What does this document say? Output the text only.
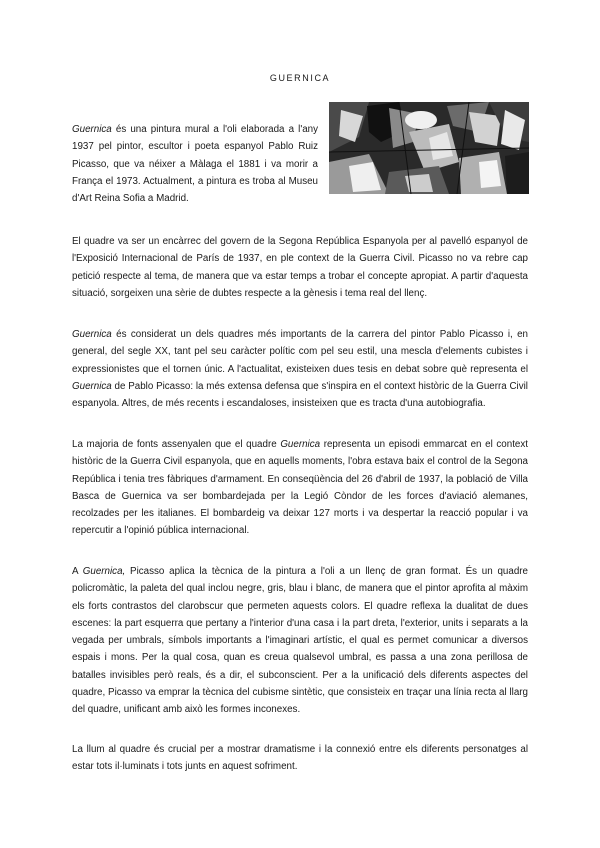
GUERNICA
Guernica és una pintura mural a l'oli elaborada a l'any 1937 pel pintor, escultor i poeta espanyol Pablo Ruiz Picasso, que va néixer a Màlaga el 1881 i va morir a França el 1973. Actualment, a pintura es troba al Museu d'Art Reina Sofia a Madrid.

El quadre va ser un encàrrec del govern de la Segona República Espanyola per al pavelló espanyol de l'Exposició Internacional de París de 1937, en ple context de la Guerra Civil. Picasso no va rebre cap petició respecte al tema, de manera que va estar temps a trobar el concepte apropiat. A partir d'aquesta situació, sorgeixen una sèrie de dubtes respecte a la gènesis i tema real del llenç.

Guernica és considerat un dels quadres més importants de la carrera del pintor Pablo Picasso i, en general, del segle XX, tant pel seu caràcter polític com pel seu estil, una mescla d'elements cubistes i expressionistes que el tornen únic. A l'actualitat, existeixen dues tesis en debat sobre què representa el Guernica de Pablo Picasso: la més extensa defensa que s'inspira en el context històric de la Guerra Civil espanyola. Altres, de més recents i escandaloses, insisteixen que es tracta d'una autobiografia.

La majoria de fonts assenyalen que el quadre Guernica representa un episodi emmarcat en el context històric de la Guerra Civil espanyola, que en aquells moments, l'obra estava baix el control de la Segona República i tenia tres fàbriques d'armament. En conseqüència del 26 d'abril de 1937, la població de Villa Basca de Guernica va ser bombardejada per la Legió Còndor de les forces d'aviació alemanes, recolzades per les italianes. El bombardeig va deixar 127 morts i va despertar la reacció popular i va repercutir a l'opinió pública internacional.

A Guernica, Picasso aplica la tècnica de la pintura a l'oli a un llenç de gran format. És un quadre policromàtic, la paleta del qual inclou negre, gris, blau i blanc, de manera que el pintor aprofita al màxim els forts contrastos del clarobscur que permeten aquests colors. El quadre reflexa la dualitat de dues escenes: la part esquerra que pertany a l'interior d'una casa i la part dreta, l'exterior, units i separats a la vegada per umbrals, símbols importants a l'imaginari artístic, el qual es permet comunicar a diversos espais i mons. Per la qual cosa, quan es creua qualsevol umbral, es passa a una zona perillosa de batalles invisibles però reals, és a dir, el subconscient. Per a la unificació dels diferents aspectes del quadre, Picasso va emprar la tècnica del cubisme sintètic, que consisteix en traçar una línia recta al llarg del quadre, unificant amb això les formes inconexes.

La llum al quadre és crucial per a mostrar dramatisme i la connexió entre els diferents personatges al estar tots il·luminats i tots junts en aquest sofriment.
